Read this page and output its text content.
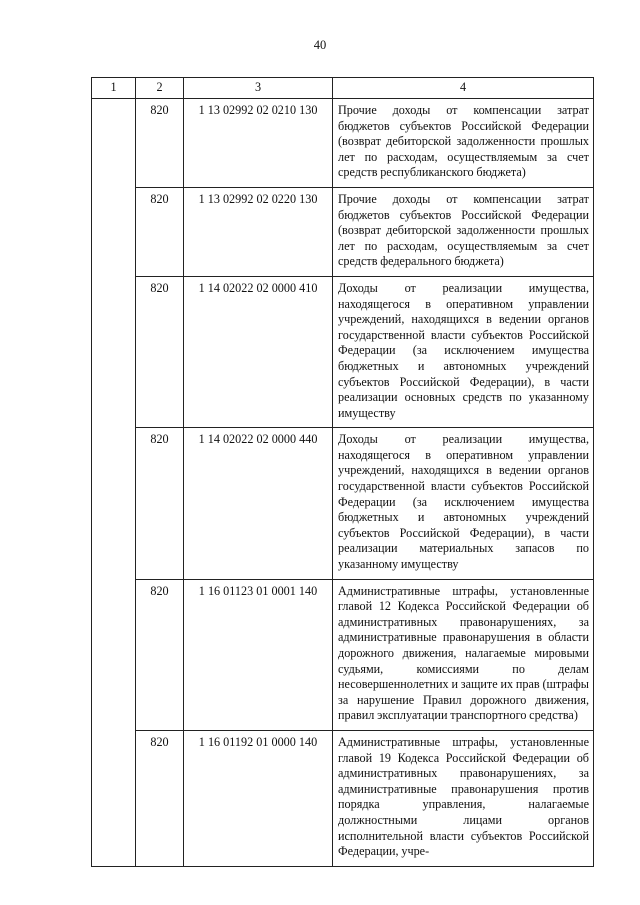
40
1	2	3	4
	820	1 13 02992 02 0210 130	Прочие доходы от компенсации затрат бюджетов субъектов Российской Федерации (возврат дебиторской задолженности прошлых лет по расходам, осуществляемым за счет средств республиканского бюджета)
	820	1 13 02992 02 0220 130	Прочие доходы от компенсации затрат бюджетов субъектов Российской Федерации (возврат дебиторской задолженности прошлых лет по расходам, осуществляемым за счет средств федерального бюджета)
	820	1 14 02022 02 0000 410	Доходы от реализации имущества, находящегося в оперативном управлении учреждений, находящихся в ведении органов государственной власти субъектов Российской Федерации (за исключением имущества бюджетных и автономных учреждений субъектов Российской Федерации), в части реализации основных средств по указанному имуществу
	820	1 14 02022 02 0000 440	Доходы от реализации имущества, находящегося в оперативном управлении учреждений, находящихся в ведении органов государственной власти субъектов Российской Федерации (за исключением имущества бюджетных и автономных учреждений субъектов Российской Федерации), в части реализации материальных запасов по указанному имуществу
	820	1 16 01123 01 0001 140	Административные штрафы, установленные главой 12 Кодекса Российской Федерации об административных правонарушениях, за административные правонарушения в области дорожного движения, налагаемые мировыми судьями, комиссиями по делам несовершеннолетних и защите их прав (штрафы за нарушение Правил дорожного движения, правил эксплуатации транспортного средства)
	820	1 16 01192 01 0000 140	Административные штрафы, установленные главой 19 Кодекса Российской Федерации об административных правонарушениях, за административные правонарушения против порядка управления, налагаемые должностными лицами органов исполнительной власти субъектов Российской Федерации, учре-
